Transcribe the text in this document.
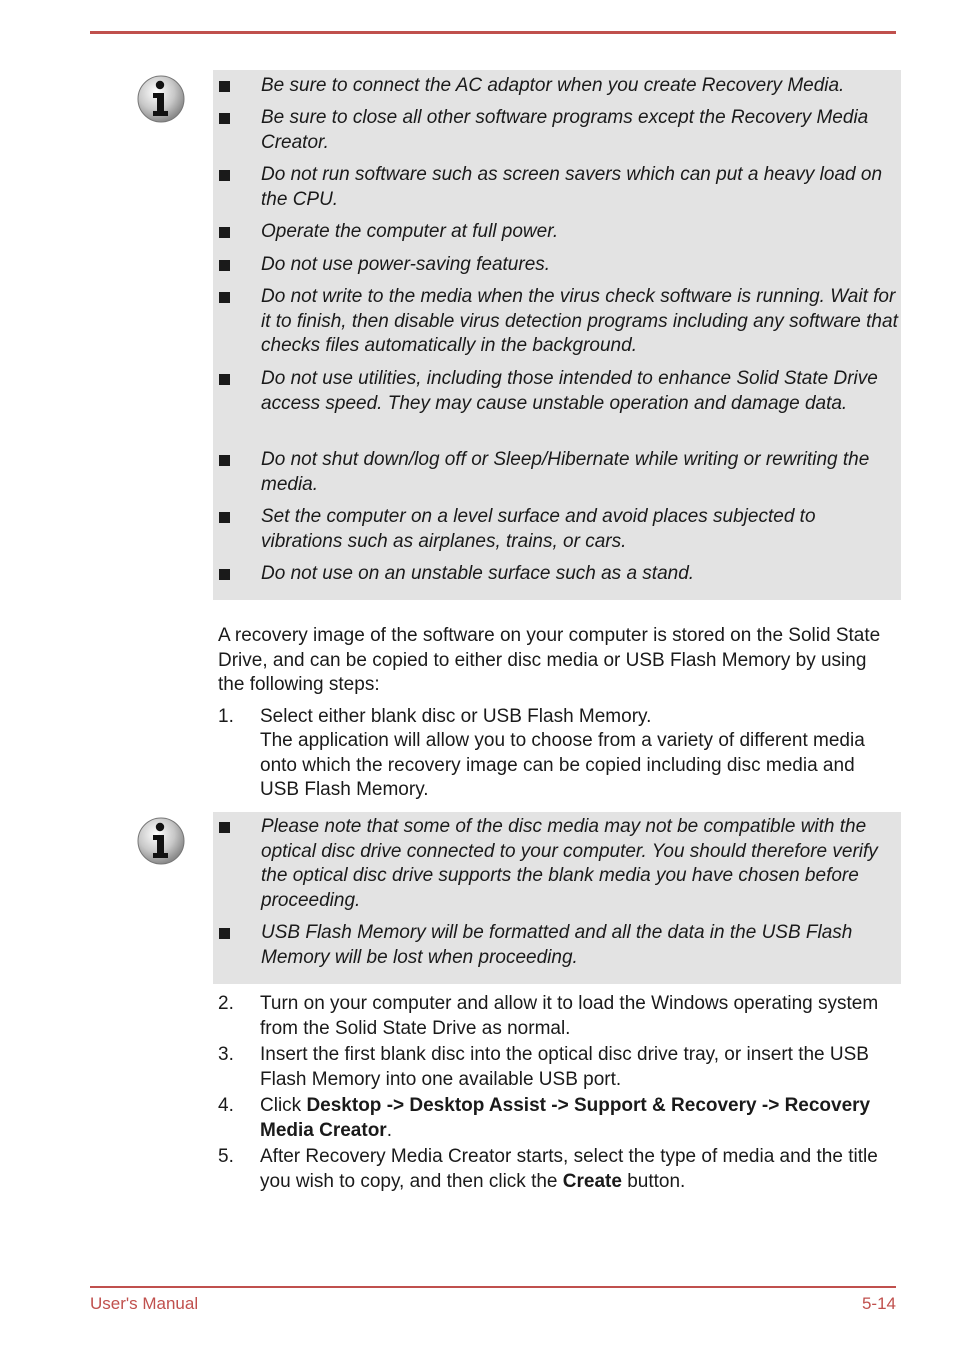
Be sure to connect the AC adaptor when you create Recovery Media.
Be sure to close all other software programs except the Recovery Media Creator.
Do not run software such as screen savers which can put a heavy load on the CPU.
Operate the computer at full power.
Do not use power-saving features.
Do not write to the media when the virus check software is running. Wait for it to finish, then disable virus detection programs including any software that checks files automatically in the background.
Do not use utilities, including those intended to enhance Solid State Drive access speed. They may cause unstable operation and damage data.
Do not shut down/log off or Sleep/Hibernate while writing or rewriting the media.
Set the computer on a level surface and avoid places subjected to vibrations such as airplanes, trains, or cars.
Do not use on an unstable surface such as a stand.
A recovery image of the software on your computer is stored on the Solid State Drive, and can be copied to either disc media or USB Flash Memory by using the following steps:
1. Select either blank disc or USB Flash Memory.
The application will allow you to choose from a variety of different media onto which the recovery image can be copied including disc media and USB Flash Memory.
Please note that some of the disc media may not be compatible with the optical disc drive connected to your computer. You should therefore verify the optical disc drive supports the blank media you have chosen before proceeding.
USB Flash Memory will be formatted and all the data in the USB Flash Memory will be lost when proceeding.
2. Turn on your computer and allow it to load the Windows operating system from the Solid State Drive as normal.
3. Insert the first blank disc into the optical disc drive tray, or insert the USB Flash Memory into one available USB port.
4. Click Desktop -> Desktop Assist -> Support & Recovery -> Recovery Media Creator.
5. After Recovery Media Creator starts, select the type of media and the title you wish to copy, and then click the Create button.
User's Manual	5-14
